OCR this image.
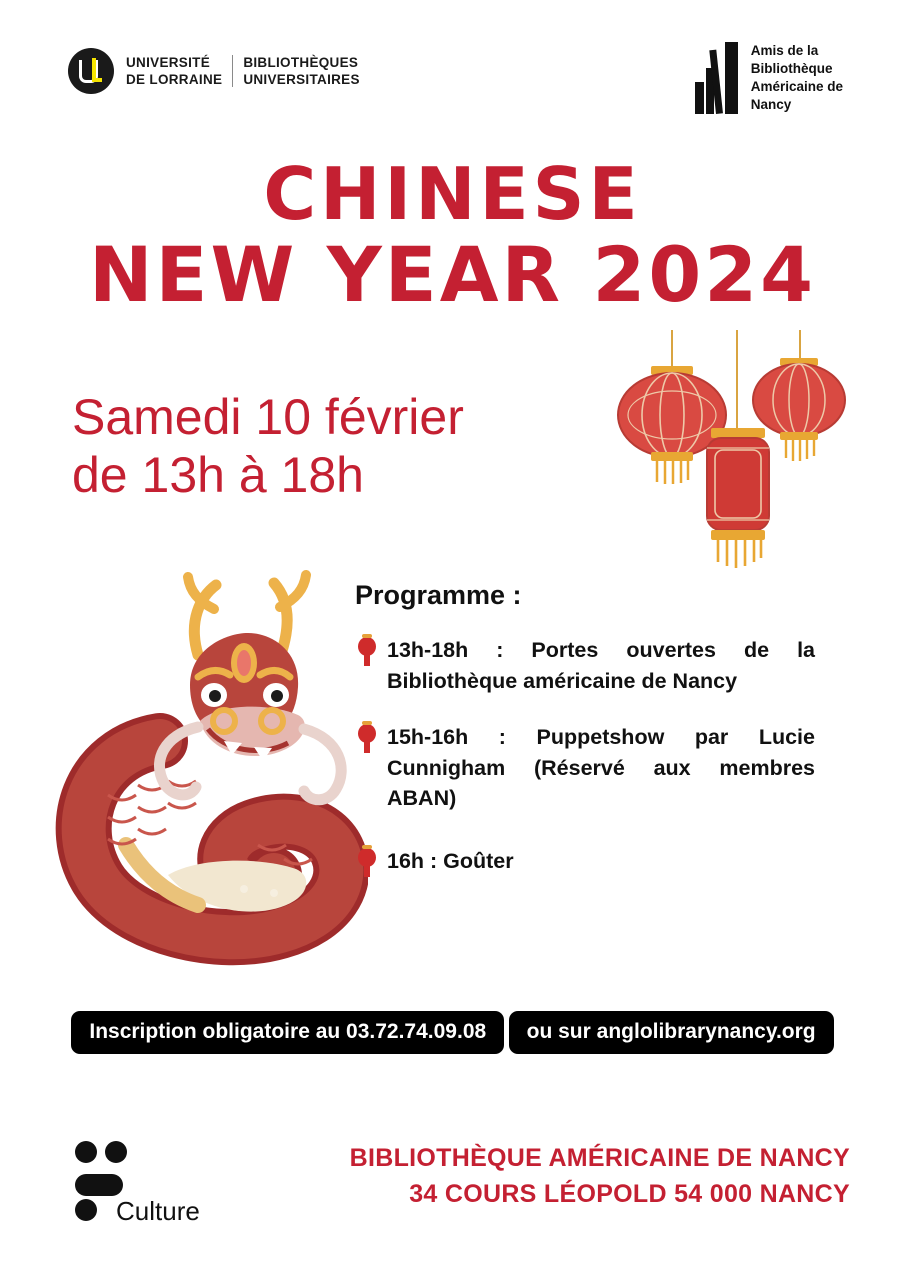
UNIVERSITÉ
DE LORRAINE
BIBLIOTHÈQUES
UNIVERSITAIRES
Amis de la
Bibliothèque
Américaine de
Nancy
CHINESE
NEW YEAR 2024
Samedi 10 février
de 13h à 18h
Programme :
13h-18h : Portes ouvertes de la Bibliothèque américaine de Nancy
15h-16h : Puppetshow par Lucie Cunnigham (Réservé aux membres ABAN)
16h : Goûter
Inscription obligatoire au 03.72.74.09.08 ou sur anglolibrarynancy.org
Culture
BIBLIOTHÈQUE AMÉRICAINE DE NANCY
34 COURS LÉOPOLD 54 000 NANCY
